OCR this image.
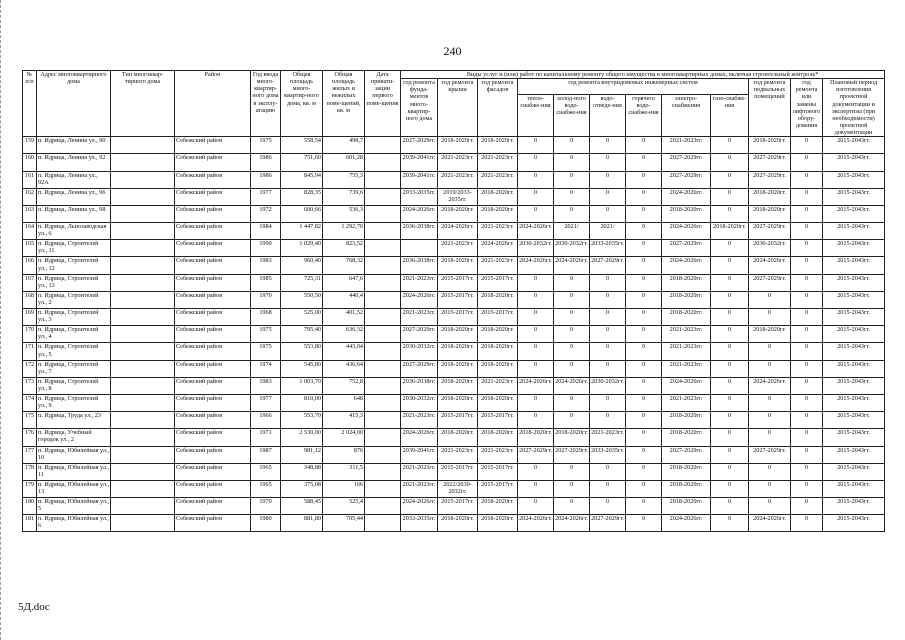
240
№ п/п	Адрес многоквартирного дома	Тип многоквар-тирного дома	Район	Год ввода много-квартир-ного дома в эксплу-атацию	Общая площадь много-квартир-ного дома, кв. м	Общая площадь жилых и нежилых поме-щений, кв. м	Дата привати-зации первого поме-щения	Виды услуг и (или) работ по капитальному ремонту общего имущества в многоквартирных домах, включая строительный контроль*											
								год ремонта фунда-ментов много-квартир-ного дома	год ремонта крыши	год ремонта фасадов	год ремонта внутридомовых инженерных систем						год ремонта подвальных помещений	год ремонта или замены лифтового обору-дования	Плановый период изготовления проектной документации и экспертизы (при необходимости) проектной документации
											тепло-снабже-ния	холод-ного водо-снабже-ния	водо-отведе-ния	горячего водо-снабже-ния	электро-снабжения	газо-снабже-ния			
159	п. Идрица, Ленина ул., 90		Себежский район	1975	558,54	498,7		2027-2029гг.	2018-2020гг.	2018-2020гг.	0	0	0	0	2021-2023гг.	0	2018-2020гг.	0	2015-2043гг.
160	п. Идрица, Ленина ул., 92		Себежский район	1986	751,60	601,28		2039-2041гг.	2021-2023гг.	2021-2023гг.	0	0	0	0	2027-2029гг.	0	2027-2029гг.	0	2015-2043гг.
161	п. Идрица, Ленина ул., 92А		Себежский район	1986	845,94	755,3		2039-2041гг.	2021-2023гг.	2021-2023гг.	0	0	0	0	2027-2029гг.	0	2027-2029гг.	0	2015-2043гг.
162	п. Идрица, Ленина ул., 96		Себежский район	1977	828,35	739,6		2033-2035гг.	2019/2033-2035гг.	2018-2020гг.	0	0	0	0	2024-2026гг.	0	2018-2020гг.	0	2015-2043гг.
163	п. Идрица, Ленина ул., 98		Себежский район	1972	600,66	536,3		2024-2026гг.	2018-2020гг.	2018-2020гг.	0	0	0	0	2018-2020гг.	0	2018-2020гг.	0	2015-2043гг.
164	п. Идрица, Льнозаводская ул., 6		Себежский район	1984	1 447,82	1 292,70		2036-2038гг.	2024-2026гг.	2021-2023гг.	2024-2026гг.	2021/	2021/	0	2024-2026гг.	2018-2020гг.	2027-2029гг.	0	2015-2043гг.
165	п. Идрица, Строителей ул., 11		Себежский район	1990	1 029,40	823,52			2021-2023гг.	2024-2026гг.	2030-2032гг.	2030-2032гг.	2033-2035гг.	0	2027-2029гг.	0	2030-2032гг.	0	2015-2043гг.
166	п. Идрица, Строителей ул., 12		Себежский район	1983	960,40	768,32		2036-2038гг.	2018-2020гг.	2021-2023гг.	2024-2026гг.	2024-2026гг.	2027-2029гг.	0	2024-2026гг.	0	2024-2026гг.	0	2015-2043гг.
167	п. Идрица, Строителей ул., 13		Себежский район	1985	725,31	647,6		2021-2023гг.	2015-2017гг.	2015-2017гг.	0	0	0	0	2018-2020гг.	0	2027-2029гг.	0	2015-2043гг.
168	п. Идрица, Строителей ул., 2		Себежский район	1970	550,50	440,4		2024-2026гг.	2015-2017гг.	2018-2020гг.	0	0	0	0	2018-2020гг.	0	0	0	2015-2043гг.
169	п. Идрица, Строителей ул., 3		Себежский район	1968	525,00	401,52		2021-2023гг.	2015-2017гг.	2015-2017гг.	0	0	0	0	2018-2020гг.	0	0	0	2015-2043гг.
170	п. Идрица, Строителей ул., 4		Себежский район	1975	795,40	636,32		2027-2029гг.	2018-2020гг.	2018-2020гг.	0	0	0	0	2021-2023гг.	0	2018-2020гг.	0	2015-2043гг.
171	п. Идрица, Строителей ул., 5		Себежский район	1975	553,80	443,04		2030-2032гг.	2018-2020гг.	2018-2020гг.	0	0	0	0	2021-2023гг.	0	0	0	2015-2043гг.
172	п. Идрица, Строителей ул., 7		Себежский район	1974	545,80	436,64		2027-2029гг.	2018-2020гг.	2018-2020гг.	0	0	0	0	2021-2023гг.	0	0	0	2015-2043гг.
173	п. Идрица, Строителей ул., 8		Себежский район	1983	1 003,70	752,8		2036-2038гг.	2018-2020гг.	2021-2023гг.	2024-2026гг.	2024-2026гг.	2030-2032гг.	0	2024-2026гг.	0	2024-2026гг.	0	2015-2043гг.
174	п. Идрица, Строителей ул., 9		Себежский район	1977	810,00	648		2030-2032гг.	2018-2020гг.	2018-2020гг.	0	0	0	0	2021-2023гг.	0	0	0	2015-2043гг.
175	п. Идрица, Труда ул., 23		Себежский район	1966	553,70	415,3		2021-2023гг.	2015-2017гг.	2015-2017гг.	0	0	0	0	2018-2020гг.	0	0	0	2015-2043гг.
176	п. Идрица, Учебный городок ул., 2		Себежский район	1971	2 530,00	2 024,00		2024-2026гг.	2018-2020гг.	2018-2020гг.	2018-2020гг.	2018-2020гг.	2021-2023гг.	0	2018-2020гг.	0	0	0	2015-2043гг.
177	п. Идрица, Юбилейная ул., 10		Себежский район	1987	981,12	876		2039-2041гг.	2021-2023гг.	2021-2023гг.	2027-2029гг.	2027-2029гг.	2033-2035гг.	0	2027-2029гг.	0	2027-2029гг.	0	2015-2043гг.
178	п. Идрица, Юбилейная ул., 11		Себежский район	1965	348,88	311,5		2021-2023гг.	2015-2017гг.	2015-2017гг.	0	0	0	0	2018-2020гг.	0	0	0	2015-2043гг.
179	п. Идрица, Юбилейная ул., 13		Себежский район	1965	375,08	166		2021-2023гг.	2022/2030-2032гг.	2015-2017гг.	0	0	0	0	2018-2020гг.	0	0	0	2015-2043гг.
180	п. Идрица, Юбилейная ул., 5		Себежский район	1970	588,45	525,4		2024-2026гг.	2015-2017гг.	2018-2020гг.	0	0	0	0	2018-2020гг.	0	0	0	2015-2043гг.
181	п. Идрица, Юбилейная ул., 6		Себежский район	1980	881,80	705,44		2033-2035гг.	2018-2020гг.	2018-2020гг.	2024-2026гг.	2024-2026гг.	2027-2029гг.	0	2024-2026гг.	0	2024-2026гг.	0	2015-2043гг.
5Д.doc
